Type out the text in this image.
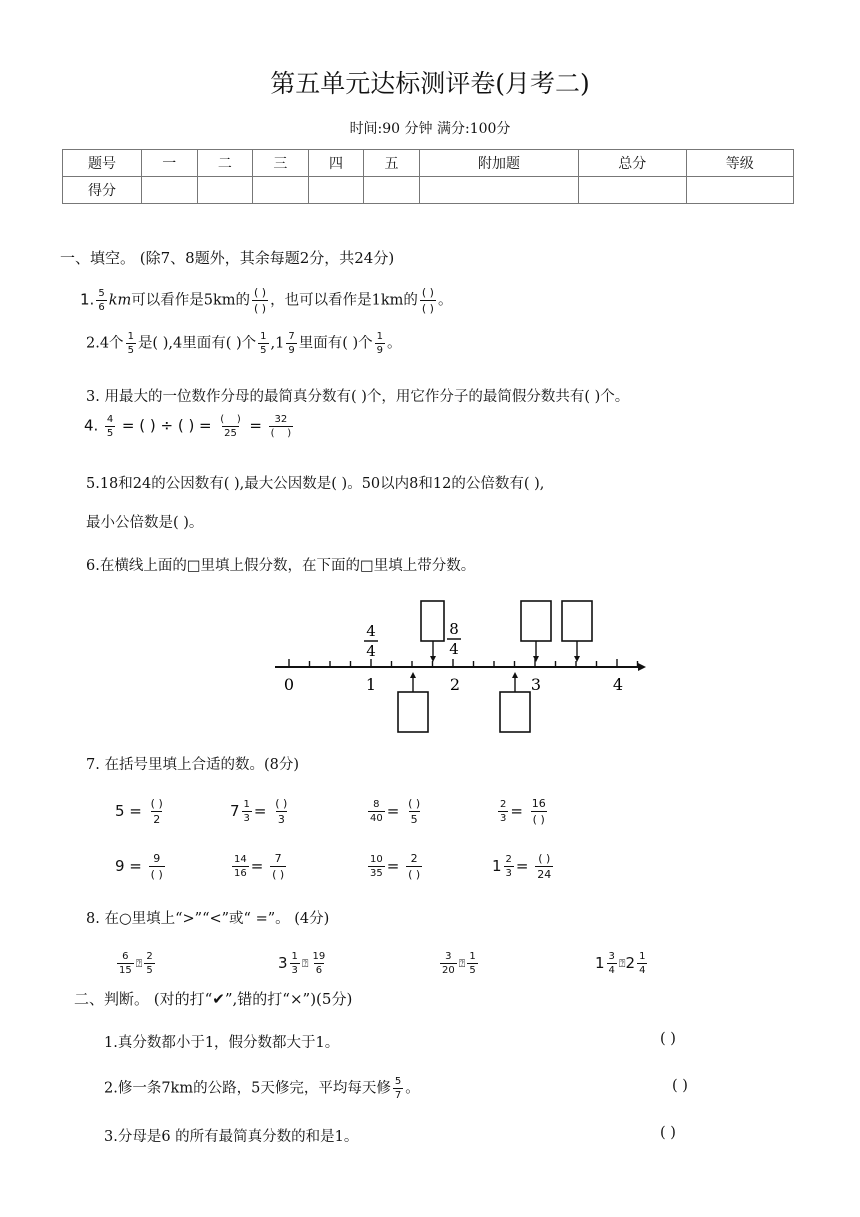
第五单元达标测评卷(月考二)
时间:90 分钟 满分:100分
题号	一	二	三	四	五	附加题	总分	等级
得分								
一、填空。 (除7、8题外，其余每题2分，共24分)
1. $\frac{5}{6}$ km可以看作是5km的 $\frac{( )}{( )}$ ，也可以看作是1km的 $\frac{( )}{( )}$ 。
2.4个 $\frac{1}{5}$ 是( ),4里面有( )个 $\frac{1}{5} ,1 \frac{7}{9}$ 里面有( )个 $\frac{1}{9}$ 。
3. 用最大的一位数作分母的最简真分数有( )个，用它作分子的最简假分数共有( )个。
4. $\frac{4}{5}$ = ( ) ÷ ( ) = $\frac{( )}{25} = \frac{32}{( )}$
5.18和24的公因数有( ),最大公因数是( )。50以内8和12的公倍数有( ),
最小公倍数是( )。
6.在横线上面的□里填上假分数，在下面的□里填上带分数。
0	1	2	3	4
4
4
8
4
7. 在括号里填上合适的数。(8分)
$5 = \frac{( )}{2}$	$7 \frac{1}{3} = \frac{( )}{3}$	$\frac{8}{40} = \frac{( )}{5}$	$\frac{2}{3} = \frac{16}{( )}$
$9 = \frac{9}{( )}$	$\frac{14}{16} = \frac{7}{( )}$	$\frac{10}{35} = \frac{2}{( )}$	$1 \frac{2}{3} = \frac{( )}{24}$
8. 在○里填上“>”“<”或“ =”。 (4分)
$\frac{6}{15}$ ⍰ $\frac{2}{5}$	$3 \frac{1}{3}$ ⍰ $\frac{19}{6}$	$\frac{3}{20}$ ⍰ $\frac{1}{5}$	$1 \frac{3}{4}$ ⍰2 $\frac{1}{4}$
二、判断。 (对的打“✔”,错的打“×”)(5分)
1.真分数都小于1，假分数都大于1。	( )
2.修一条7km的公路，5天修完，平均每天修 $\frac{5}{7}$ 。	( )
3.分母是6 的所有最简真分数的和是1。	( )
